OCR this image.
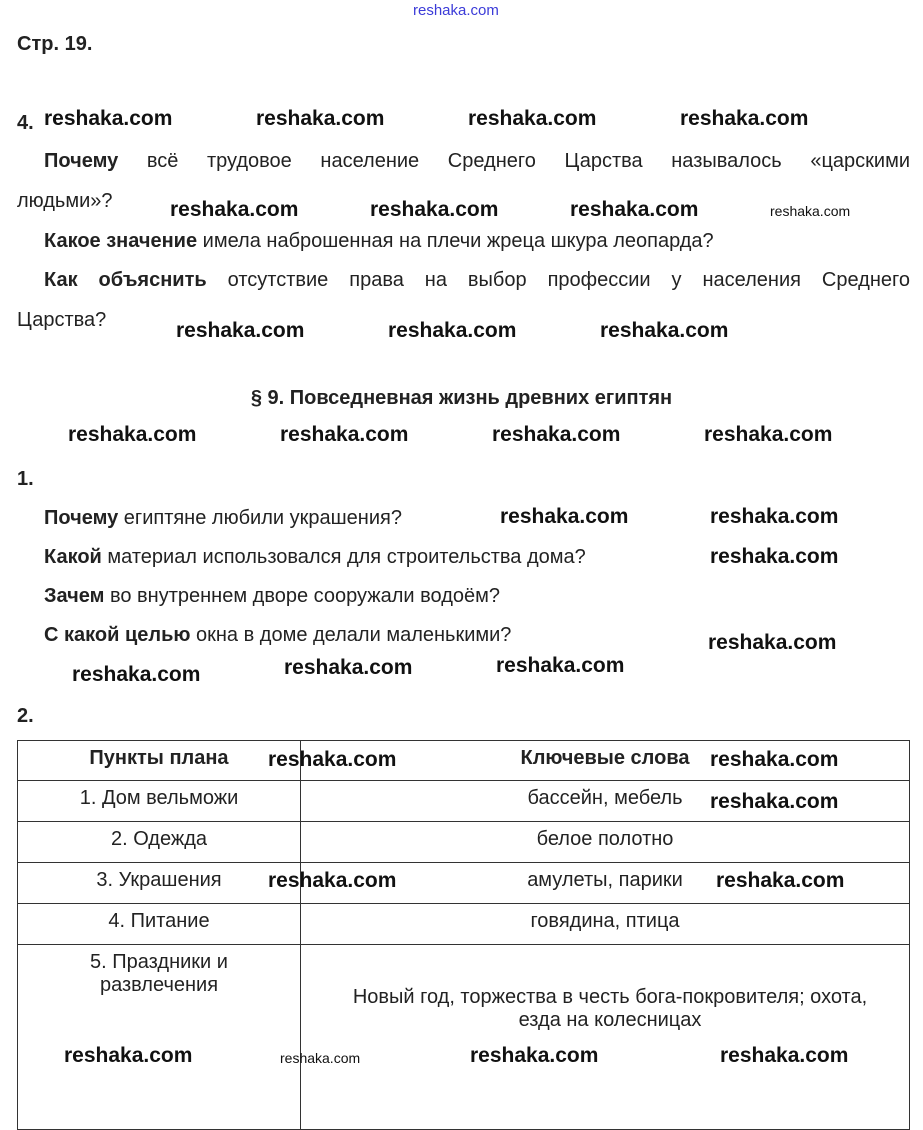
reshaka.com
Стр. 19.
4.
Почему всё трудовое население Среднего Царства называлось «царскими
людьми»?
Какое значение имела наброшенная на плечи жреца шкура леопарда?
Как объяснить отсутствие права на выбор профессии у населения Среднего
Царства?
§ 9. Повседневная жизнь древних египтян
1.
Почему египтяне любили украшения?
Какой материал использовался для строительства дома?
Зачем во внутреннем дворе сооружали водоём?
С какой целью окна в доме делали маленькими?
2.
Пункты плана	Ключевые слова
1. Дом вельможи	бассейн, мебель
2. Одежда	белое полотно
3. Украшения	амулеты, парики
4. Питание	говядина, птица
5. Праздники и развлечения	Новый год, торжества в честь бога-покровителя; охота, езда на колесницах
reshaka.com	reshaka.com	reshaka.com	reshaka.com
reshaka.com	reshaka.com	reshaka.com	reshaka.com
reshaka.com	reshaka.com	reshaka.com
reshaka.com	reshaka.com	reshaka.com	reshaka.com
reshaka.com	reshaka.com
reshaka.com
reshaka.com
reshaka.com
reshaka.com
reshaka.com
reshaka.com	reshaka.com
reshaka.com
reshaka.com	reshaka.com
reshaka.com	reshaka.com	reshaka.com	reshaka.com
